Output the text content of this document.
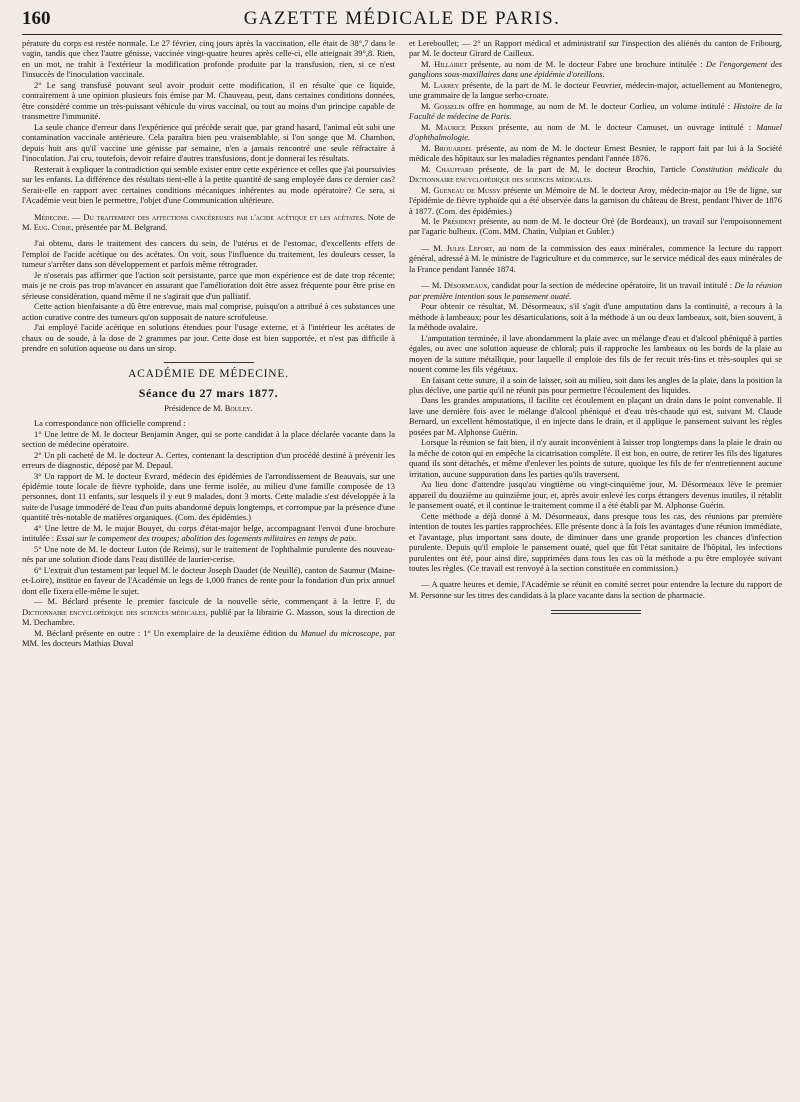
160	GAZETTE MÉDICALE DE PARIS.

pérature du corps est restée normale. Le 27 février, cinq jours après la vaccination, elle était de 38°,7 dans le vagin, tandis que chez l'autre génisse, vaccinée vingt-quatre heures après celle-ci, elle atteignait 39°,8. Rien, en un mot, ne trahit à l'extérieur la modification profonde produite par la transfusion, rien, si ce n'est l'insuccès de l'inoculation vaccinale.

2° Le sang transfusé pouvant seul avoir produit cette modification, il en résulte que ce liquide, contrairement à une opinion plusieurs fois émise par M. Chauveau, peut, dans certaines conditions données, être considéré comme un très-puissant véhicule du virus vaccinal, ou tout au moins d'un principe capable de transmettre l'immunité.

La seule chance d'erreur dans l'expérience qui précède serait que, par grand hasard, l'animal eût subi une contamination vaccinale antérieure. Cela paraîtra bien peu vraisemblable, si l'on songe que M. Chambon, depuis huit ans qu'il vaccine une génisse par semaine, n'en a jamais rencontré une seule réfractaire à l'inoculation. J'ai cru, toutefois, devoir refaire d'autres transfusions, dont je donnerai les résultats.

Resterait à expliquer la contradiction qui semble exister entre cette expérience et celles que j'ai poursuivies sur les enfants. La différence des résultats tient-elle à la petite quantité de sang employée dans ce dernier cas? Serait-elle en rapport avec certaines conditions mécaniques inhérentes au mode opératoire? Ce sera, si l'Académie veut bien le permettre, l'objet d'une Communication ultérieure.

Médecine. — Du traitement des affections cancéreuses par l'acide acétique et les acétates. Note de M. Eug. Curie, présentée par M. Belgrand.

J'ai obtenu, dans le traitement des cancers du sein, de l'utérus et de l'estomac, d'excellents effets de l'emploi de l'acide acétique ou des acétates. On voit, sous l'influence du traitement, les douleurs cesser, la tumeur s'arrêter dans son développement et parfois même rétrograder.

Je n'oserais pas affirmer que l'action soit persistante, parce que mon expérience est de date trop récente; mais je ne crois pas trop m'avancer en assurant que l'amélioration doit être assez fréquente pour être prise en sérieuse considération, quand même il ne s'agirait que d'un palliatif.

Cette action bienfaisante a dû être entrevue, mais mal comprise, puisqu'on a attribué à ces substances une action curative contre des tumeurs qu'on supposait de nature scrofuleuse.

J'ai employé l'acide acétique en solutions étendues pour l'usage externe, et à l'intérieur les acétates de chaux ou de soude, à la dose de 2 grammes par jour. Cette dose est bien supportée, et n'est pas difficile à prendre en solution aqueuse ou dans un sirop.

ACADÉMIE DE MÉDECINE.
Séance du 27 mars 1877.
Présidence de M. Bouley.

La correspondance non officielle comprend :

1° Une lettre de M. le docteur Benjamin Anger, qui se porte candidat à la place déclarée vacante dans la section de médecine opératoire.

2° Un pli cacheté de M. le docteur A. Certes, contenant la description d'un procédé destiné à prévenir les erreurs de diagnostic, déposé par M. Depaul.

3° Un rapport de M. le docteur Evrard, médecin des épidémies de l'arrondissement de Beauvais, sur une épidémie toute locale de fièvre typhoïde, dans une ferme isolée, au milieu d'une famille composée de 13 personnes, dont 11 enfants, sur lesquels il y eut 9 malades, dont 3 morts. Cette maladie s'est développée à la suite de l'usage immodéré de l'eau d'un puits abandonné depuis longtemps, et corrompue par la présence d'une quantité très-notable de matières organiques. (Com. des épidémies.)

4° Une lettre de M. le major Bouyet, du corps d'état-major belge, accompagnant l'envoi d'une brochure intitulée : Essai sur le campement des troupes; abolition des logements militaires en temps de paix.

5° Une note de M. le docteur Luton (de Reims), sur le traitement de l'ophthalmie purulente des nouveau-nés par une solution d'iode dans l'eau distillée de laurier-cerise.

6° L'extrait d'un testament par lequel M. le docteur Joseph Daudet (de Neuillé), canton de Saumur (Maine-et-Loire), institue en faveur de l'Académie un legs de 1,000 francs de rente pour la fondation d'un prix annuel dont elle fixera elle-même le sujet.

— M. Béclard présente le premier fascicule de la nouvelle série, commençant à la lettre F, du Dictionnaire encyclopédique des sciences médicales, publié par la librairie G. Masson, sous la direction de M. Dechambre.

M. Béclard présente en outre : 1° Un exemplaire de la deuxième édition du Manuel du microscope, par MM. les docteurs Mathias Duval

et Lereboullet; — 2° un Rapport médical et administratif sur l'inspection des aliénés du canton de Fribourg, par M. le docteur Girard de Cailleux.

M. Hillairet présente, au nom de M. le docteur Fabre une brochure intitulée : De l'engorgement des ganglions sous-maxillaires dans une épidémie d'oreillons.

M. Larrey présente, de la part de M. le docteur Feuvrier, médecin-major, actuellement au Montenegro, une grammaire de la langue serbo-croate.

M. Gosselin offre en hommage, au nom de M. le docteur Corlieu, un volume intitulé : Histoire de la Faculté de médecine de Paris.

M. Maurice Perrin présente, au nom de M. le docteur Camuset, un ouvrage intitulé : Manuel d'ophthalmologie.

M. Brouardel présente, au nom de M. le docteur Ernest Besnier, le rapport fait par lui à la Société médicale des hôpitaux sur les maladies régnantes pendant l'année 1876.

M. Chauffard présente, de la part de M. le docteur Brochin, l'article Constitution médicale du Dictionnaire encyclopédique des sciences médicales.

M. Gueneau de Mussy présente un Mémoire de M. le docteur Aroy, médecin-major au 19e de ligne, sur l'épidémie de fièvre typhoïde qui a été observée dans la garnison du château de Brest, pendant l'hiver de 1876 à 1877. (Com. des épidémies.)

M. le Président présente, au nom de M. le docteur Oré (de Bordeaux), un travail sur l'empoisonnement par l'agaric bulbeux. (Com. MM. Chatin, Vulpian et Gubler.)

— M. Jules Lefort, au nom de la commission des eaux minérales, commence la lecture du rapport général, adressé à M. le ministre de l'agriculture et du commerce, sur le service médical des eaux minérales de la France pendant l'année 1874.

— M. Désormeaux, candidat pour la section de médecine opératoire, lit un travail intitulé : De la réunion par première intention sous le pansement ouaté.

Pour obtenir ce résultat, M. Désormeaux, s'il s'agit d'une amputation dans la continuité, a recours à la méthode à lambeaux; pour les désarticulations, soit à la méthode à un ou deux lambeaux, soit, bien souvent, à la méthode ovalaire.

L'amputation terminée, il lave abondamment la plaie avec un mélange d'eau et d'alcool phéniqué à parties égales, ou avec une solution aqueuse de chloral; puis il rapproche les lambeaux ou les bords de la plaie au moyen de la suture métallique, pour laquelle il emploie des fils de fer recuit très-fins et très-souples qui se nouent comme les fils végétaux.

En faisant cette suture, il a soin de laisser, soit au milieu, soit dans les angles de la plaie, dans la position la plus déclive, une partie qu'il ne réunit pas pour permettre l'écoulement des liquides.

Dans les grandes amputations, il facilite cet écoulement en plaçant un drain dans le point convenable. Il lave une dernière fois avec le mélange d'alcool phéniqué et d'eau très-chaude qui est, suivant M. Claude Bernard, un excellent hémostatique, il en injecte dans le drain, et il applique le pansement suivant les règles posées par M. Alphonse Guérin.

Lorsque la réunion se fait bien, il n'y aurait inconvénient à laisser trop longtemps dans la plaie le drain ou la mèche de coton qui en empêche la cicatrisation complète. Il est bon, en outre, de retirer les fils des ligatures quand ils sont détachés, et même d'enlever les points de suture, quoique les fils de fer n'entretiennent aucune irritation, aucune suppuration dans les parties qu'ils traversent.

Au lieu donc d'attendre jusqu'au vingtième ou vingt-cinquième jour, M. Désormeaux lève le premier appareil du douzième au quinzième jour, et, après avoir enlevé les corps étrangers devenus inutiles, il rétablit le pansement ouaté, et il continue le traitement comme il a été établi par M. Alphonse Guérin.

Cette méthode a déjà donné à M. Désormeaux, dans presque tous les cas, des réunions par première intention de toutes les parties rapprochées. Elle présente donc à la fois les avantages d'une réunion immédiate, et l'avantage, plus important sans doute, de diminuer dans une grande proportion les chances d'infection purulente. Depuis qu'il emploie le pansement ouaté, quel que fût l'état sanitaire de l'hôpital, les infections purulentes ont été, pour ainsi dire, supprimées dans tous les cas où la méthode a pu être employée suivant toutes les règles. (Ce travail est renvoyé à la section constituée en commission.)

— A quatre heures et demie, l'Académie se réunit en comité secret pour entendre la lecture du rapport de M. Personne sur les titres des candidats à la place vacante dans la section de pharmacie.
